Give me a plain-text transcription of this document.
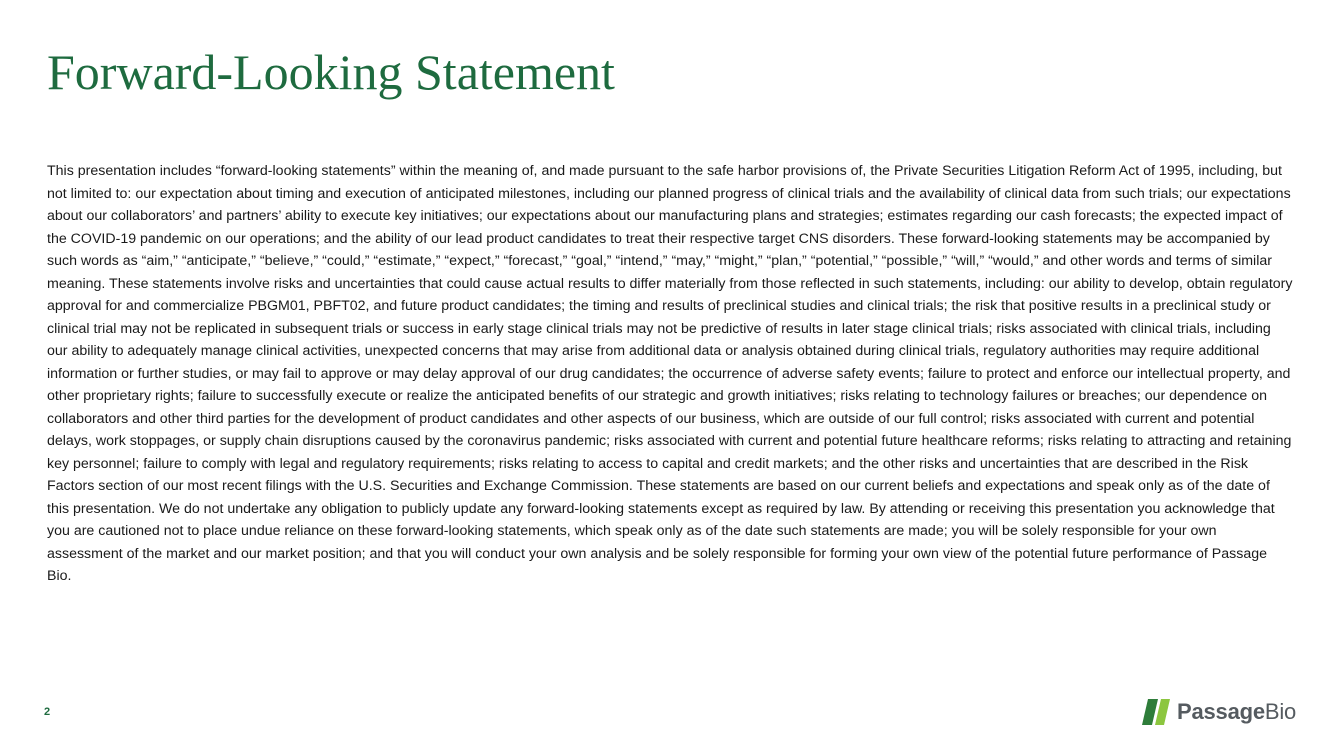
Forward-Looking Statement

This presentation includes “forward-looking statements” within the meaning of, and made pursuant to the safe harbor provisions of, the Private Securities Litigation Reform Act of 1995, including, but not limited to: our expectation about timing and execution of anticipated milestones, including our planned progress of clinical trials and the availability of clinical data from such trials; our expectations about our collaborators’ and partners’ ability to execute key initiatives; our expectations about our manufacturing plans and strategies; estimates regarding our cash forecasts; the expected impact of the COVID-19 pandemic on our operations; and the ability of our lead product candidates to treat their respective target CNS disorders. These forward-looking statements may be accompanied by such words as “aim,” “anticipate,” “believe,” “could,” “estimate,” “expect,” “forecast,” “goal,” “intend,” “may,” “might,” “plan,” “potential,” “possible,” “will,” “would,” and other words and terms of similar meaning. These statements involve risks and uncertainties that could cause actual results to differ materially from those reflected in such statements, including: our ability to develop, obtain regulatory approval for and commercialize PBGM01, PBFT02, and future product candidates; the timing and results of preclinical studies and clinical trials; the risk that positive results in a preclinical study or clinical trial may not be replicated in subsequent trials or success in early stage clinical trials may not be predictive of results in later stage clinical trials; risks associated with clinical trials, including our ability to adequately manage clinical activities, unexpected concerns that may arise from additional data or analysis obtained during clinical trials, regulatory authorities may require additional information or further studies, or may fail to approve or may delay approval of our drug candidates; the occurrence of adverse safety events; failure to protect and enforce our intellectual property, and other proprietary rights; failure to successfully execute or realize the anticipated benefits of our strategic and growth initiatives; risks relating to technology failures or breaches; our dependence on collaborators and other third parties for the development of product candidates and other aspects of our business, which are outside of our full control; risks associated with current and potential delays, work stoppages, or supply chain disruptions caused by the coronavirus pandemic; risks associated with current and potential future healthcare reforms; risks relating to attracting and retaining key personnel; failure to comply with legal and regulatory requirements; risks relating to access to capital and credit markets; and the other risks and uncertainties that are described in the Risk Factors section of our most recent filings with the U.S. Securities and Exchange Commission. These statements are based on our current beliefs and expectations and speak only as of the date of this presentation. We do not undertake any obligation to publicly update any forward-looking statements except as required by law. By attending or receiving this presentation you acknowledge that you are cautioned not to place undue reliance on these forward-looking statements, which speak only as of the date such statements are made; you will be solely responsible for your own assessment of the market and our market position; and that you will conduct your own analysis and be solely responsible for forming your own view of the potential future performance of Passage Bio.

2	PassageBio
